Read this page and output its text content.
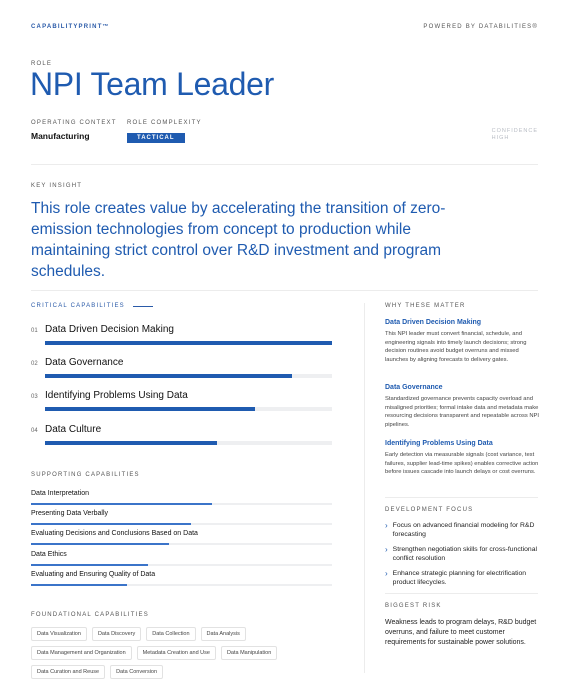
CAPABILITYPRINT™	POWERED BY DATABILITIES®
ROLE
NPI Team Leader
OPERATING CONTEXT
Manufacturing
ROLE COMPLEXITY
TACTICAL
CONFIDENCE
HIGH
KEY INSIGHT
This role creates value by accelerating the transition of zero-emission technologies from concept to production while maintaining strict control over R&D investment and program schedules.
CRITICAL CAPABILITIES
01 Data Driven Decision Making
02 Data Governance
03 Identifying Problems Using Data
04 Data Culture
SUPPORTING CAPABILITIES
Data Interpretation
Presenting Data Verbally
Evaluating Decisions and Conclusions Based on Data
Data Ethics
Evaluating and Ensuring Quality of Data
FOUNDATIONAL CAPABILITIES
Data Visualization	Data Discovery	Data Collection	Data Analysis
Data Management and Organization	Metadata Creation and Use	Data Manipulation
Data Curation and Reuse	Data Conversion
WHY THESE MATTER
Data Driven Decision Making
This NPI leader must convert financial, schedule, and engineering signals into timely launch decisions; strong decision routines avoid budget overruns and missed launches by aligning forecasts to delivery gates.
Data Governance
Standardized governance prevents capacity overload and misaligned priorities; formal intake data and metadata make resourcing decisions transparent and repeatable across NPI pipelines.
Identifying Problems Using Data
Early detection via measurable signals (cost variance, test failures, supplier lead-time spikes) enables corrective action before issues cascade into launch delays or cost overruns.
DEVELOPMENT FOCUS
› Focus on advanced financial modeling for R&D forecasting
› Strengthen negotiation skills for cross-functional conflict resolution
› Enhance strategic planning for electrification product lifecycles.
BIGGEST RISK
Weakness leads to program delays, R&D budget overruns, and failure to meet customer requirements for sustainable power solutions.
